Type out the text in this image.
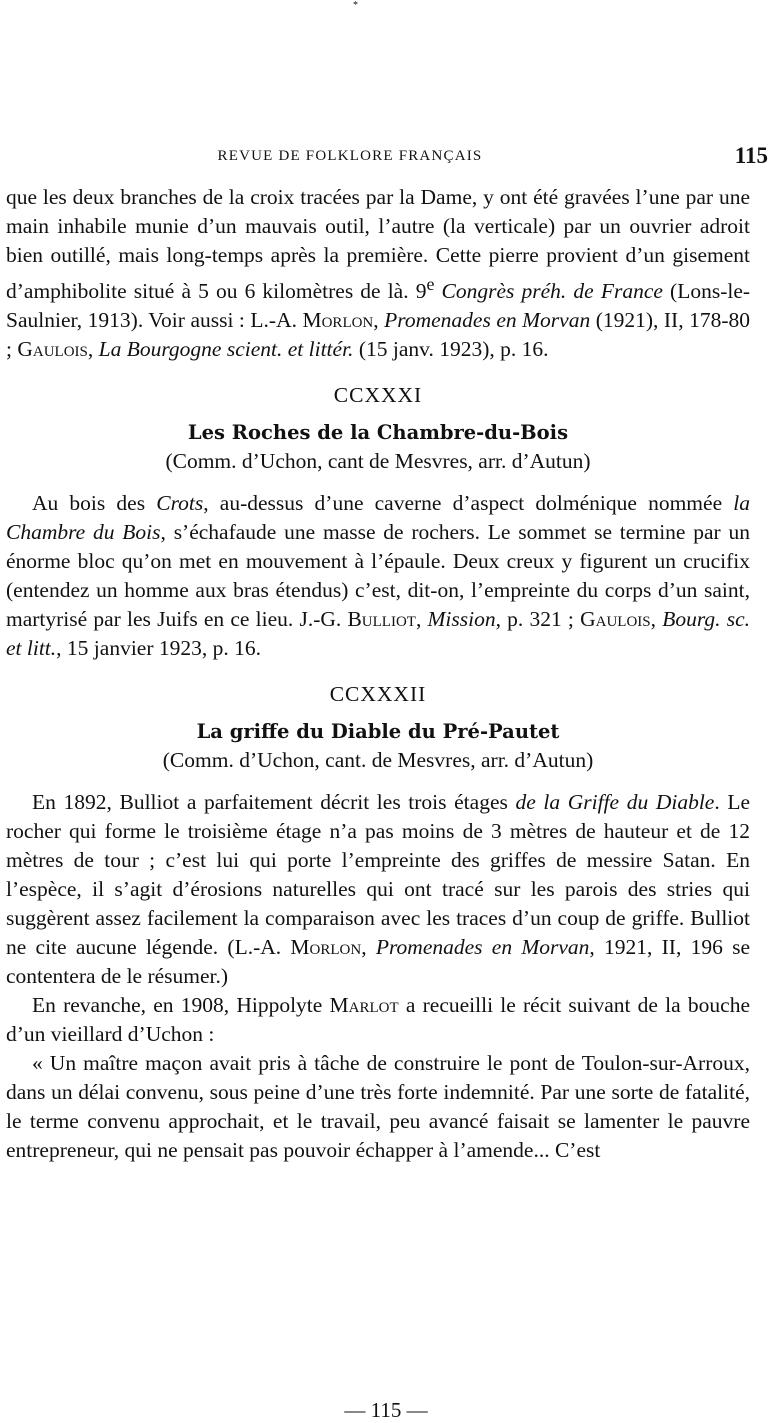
*
REVUE DE FOLKLORE FRANÇAIS	115

que les deux branches de la croix tracées par la Dame, y ont été gravées l’une par une main inhabile munie d’un mauvais outil, l’autre (la verticale) par un ouvrier adroit bien outillé, mais long-temps après la première. Cette pierre provient d’un gisement d’amphibolite situé à 5 ou 6 kilomètres de là. 9e Congrès préh. de France (Lons-le-Saulnier, 1913). Voir aussi : L.-A. Morlon, Promenades en Morvan (1921), II, 178-80 ; Gaulois, La Bourgogne scient. et littér. (15 janv. 1923), p. 16.

CCXXXI

Les Roches de la Chambre-du-Bois

(Comm. d’Uchon, cant de Mesvres, arr. d’Autun)

Au bois des Crots, au-dessus d’une caverne d’aspect dolménique nommée la Chambre du Bois, s’échafaude une masse de rochers. Le sommet se termine par un énorme bloc qu’on met en mouvement à l’épaule. Deux creux y figurent un crucifix (entendez un homme aux bras étendus) c’est, dit-on, l’empreinte du corps d’un saint, martyrisé par les Juifs en ce lieu. J.-G. Bulliot, Mission, p. 321 ; Gaulois, Bourg. sc. et litt., 15 janvier 1923, p. 16.

CCXXXII

La griffe du Diable du Pré-Pautet

(Comm. d’Uchon, cant. de Mesvres, arr. d’Autun)

En 1892, Bulliot a parfaitement décrit les trois étages de la Griffe du Diable. Le rocher qui forme le troisième étage n’a pas moins de 3 mètres de hauteur et de 12 mètres de tour ; c’est lui qui porte l’empreinte des griffes de messire Satan. En l’espèce, il s’agit d’érosions naturelles qui ont tracé sur les parois des stries qui suggèrent assez facilement la comparaison avec les traces d’un coup de griffe. Bulliot ne cite aucune légende. (L.-A. Morlon, Promenades en Morvan, 1921, II, 196 se contentera de le résumer.)

En revanche, en 1908, Hippolyte Marlot a recueilli le récit suivant de la bouche d’un vieillard d’Uchon :

« Un maître maçon avait pris à tâche de construire le pont de Toulon-sur-Arroux, dans un délai convenu, sous peine d’une très forte indemnité. Par une sorte de fatalité, le terme convenu approchait, et le travail, peu avancé faisait se lamenter le pauvre entrepreneur, qui ne pensait pas pouvoir échapper à l’amende... C’est

— 115 —
